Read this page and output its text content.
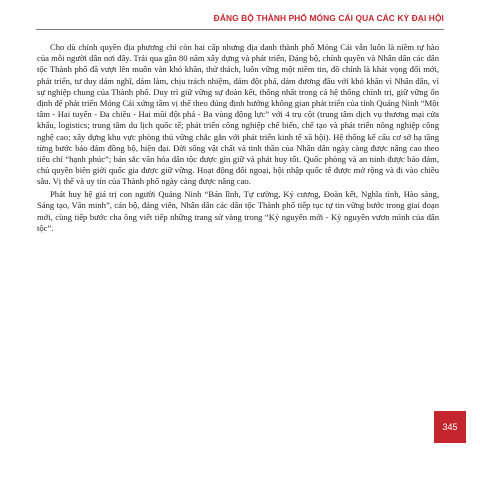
ĐẢNG BỘ THÀNH PHỐ MÓNG CÁI QUA CÁC KỲ ĐẠI HỘI

Cho dù chính quyền địa phương chỉ còn hai cấp nhưng địa danh thành phố Móng Cái vẫn luôn là niềm tự hào của mỗi người dân nơi đây. Trải qua gần 80 năm xây dựng và phát triển, Đảng bộ, chính quyền và Nhân dân các dân tộc Thành phố đã vượt lên muôn vàn khó khăn, thử thách, luôn vững một niềm tin, đồ chính là khát vọng đổi mới, phát triển, tư duy dám nghĩ, dám làm, chịu trách nhiệm, dám đột phá, dám đương đầu với khó khăn vì Nhân dân, vì sự nghiệp chung của Thành phố. Duy trì giữ vững sự đoàn kết, thống nhất trong cả hệ thống chính trị, giữ vững ổn định để phát triển Móng Cái xứng tầm vị thế theo đúng định hướng không gian phát triển của tỉnh Quảng Ninh “Một tâm - Hai tuyến - Đa chiều - Hai mũi đột phá - Ba vùng động lực” với 4 trụ cột (trung tâm dịch vụ thương mại cửa khẩu, logistics; trung tâm du lịch quốc tế; phát triển công nghiệp chế biến, chế tạo và phát triển nông nghiệp công nghệ cao; xây dựng khu vực phòng thủ vững chắc gắn với phát triển kinh tế xã hội). Hệ thống kế cấu cơ sở hạ tầng từng bước bảo đảm đồng bộ, hiện đại. Đời sống vật chất và tinh thần của Nhân dân ngày càng được nâng cao theo tiêu chí “hạnh phúc”; bản sắc văn hóa dân tộc được gìn giữ và phát huy tốt. Quốc phòng và an ninh được bảo đảm, chủ quyền biên giới quốc gia được giữ vững. Hoạt động đối ngoại, hội nhập quốc tế được mở rộng và đi vào chiều sâu. Vị thế và uy tín của Thành phố ngày càng được nâng cao.

Phát huy hệ giá trị con người Quảng Ninh “Bản lĩnh, Tự cường, Kỷ cương, Đoàn kết, Nghĩa tình, Hào sảng, Sáng tạo, Văn minh”, cán bộ, đảng viên, Nhân dân các dân tộc Thành phố tiếp tục tự tin vững bước trong giai đoạn mới, cùng tiếp bước cha ông viết tiếp những trang sử vàng trong “Kỷ nguyên mới - Kỷ nguyên vươn mình của dân tộc”.

345
